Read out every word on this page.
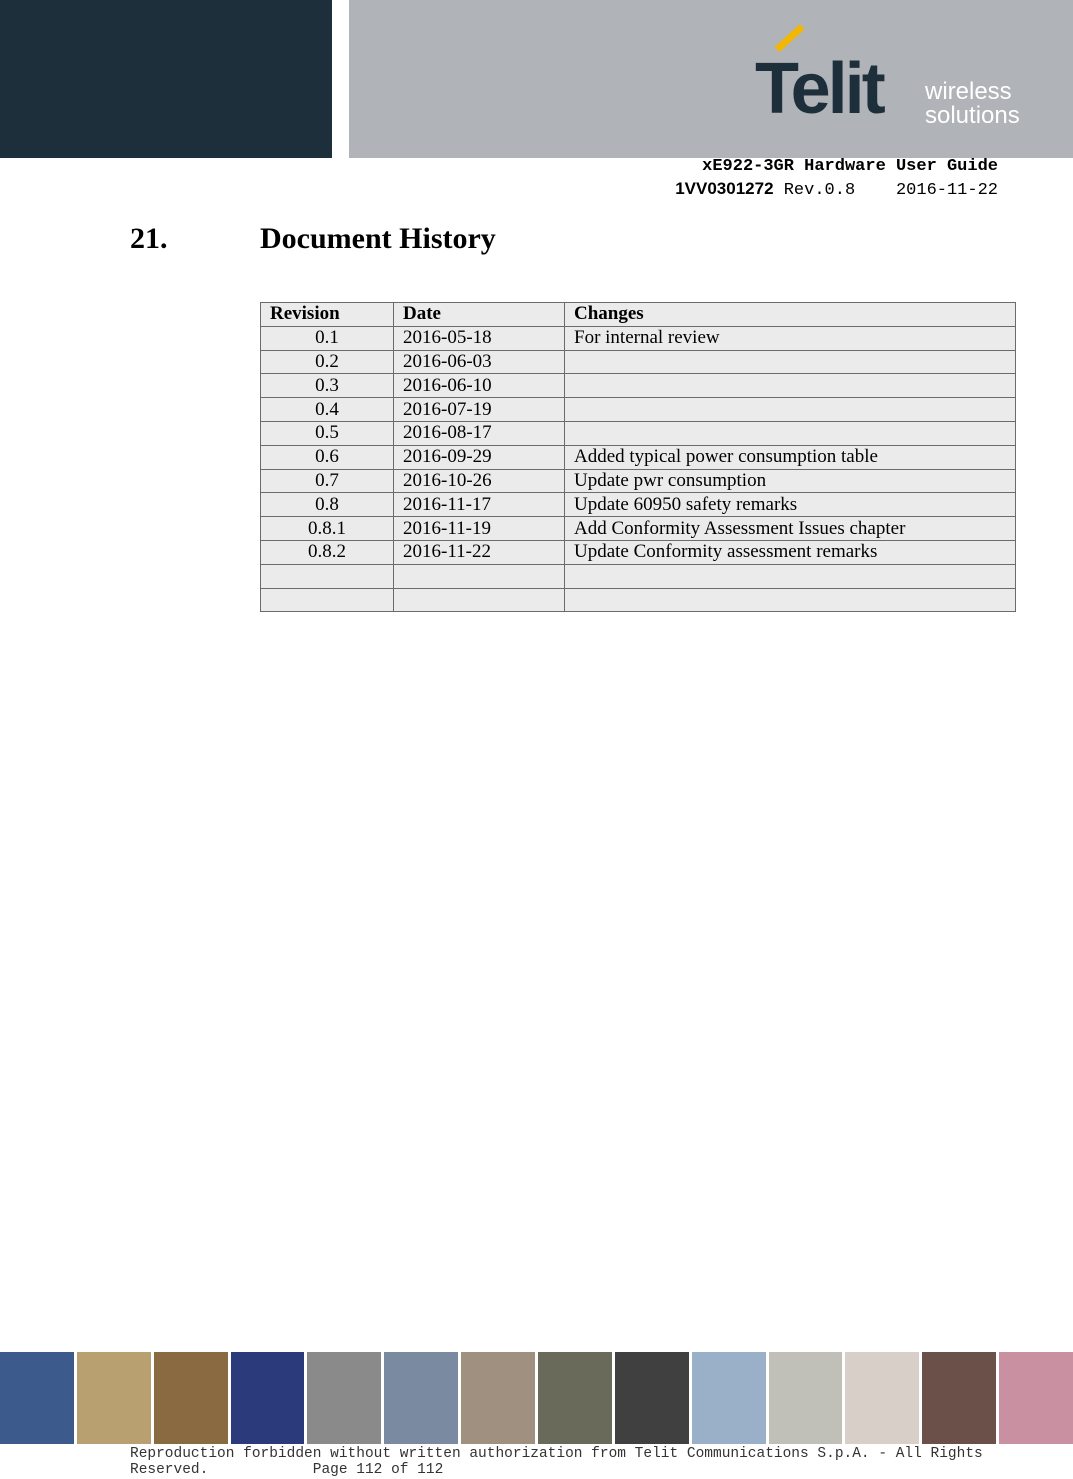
Telit wireless
solutions
xE922-3GR Hardware User Guide
1VV0301272 Rev.0.8 2016-11-22
21.	Document History
Revision	Date	Changes
0.1	2016-05-18	For internal review
0.2	2016-06-03	
0.3	2016-06-10	
0.4	2016-07-19	
0.5	2016-08-17	
0.6	2016-09-29	Added typical power consumption table
0.7	2016-10-26	Update pwr consumption
0.8	2016-11-17	Update 60950 safety remarks
0.8.1	2016-11-19	Add Conformity Assessment Issues chapter
0.8.2	2016-11-22	Update Conformity assessment remarks

Reproduction forbidden without written authorization from Telit Communications S.p.A. - All Rights
Reserved.	Page 112 of 112
